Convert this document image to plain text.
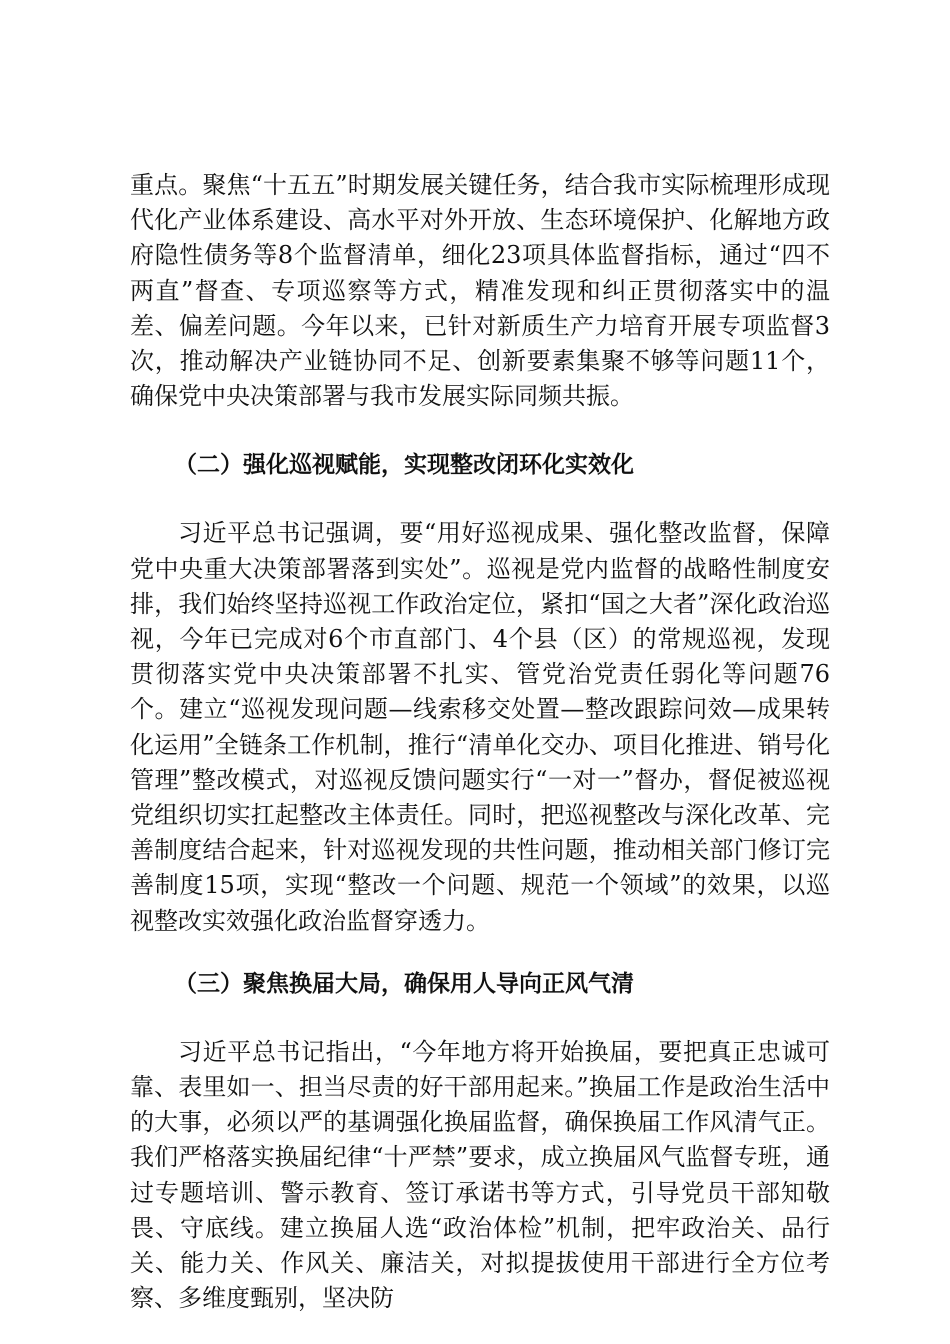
重点。聚焦“十五五”时期发展关键任务，结合我市实际梳理形成现代化产业体系建设、高水平对外开放、生态环境保护、化解地方政府隐性债务等8个监督清单，细化23项具体监督指标，通过“四不两直”督查、专项巡察等方式，精准发现和纠正贯彻落实中的温差、偏差问题。今年以来，已针对新质生产力培育开展专项监督3次，推动解决产业链协同不足、创新要素集聚不够等问题11个，确保党中央决策部署与我市发展实际同频共振。

（二）强化巡视赋能，实现整改闭环化实效化

习近平总书记强调，要“用好巡视成果、强化整改监督，保障党中央重大决策部署落到实处”。巡视是党内监督的战略性制度安排，我们始终坚持巡视工作政治定位，紧扣“国之大者”深化政治巡视，今年已完成对6个市直部门、4个县（区）的常规巡视，发现贯彻落实党中央决策部署不扎实、管党治党责任弱化等问题76个。建立“巡视发现问题—线索移交处置—整改跟踪问效—成果转化运用”全链条工作机制，推行“清单化交办、项目化推进、销号化管理”整改模式，对巡视反馈问题实行“一对一”督办，督促被巡视党组织切实扛起整改主体责任。同时，把巡视整改与深化改革、完善制度结合起来，针对巡视发现的共性问题，推动相关部门修订完善制度15项，实现“整改一个问题、规范一个领域”的效果，以巡视整改实效强化政治监督穿透力。

（三）聚焦换届大局，确保用人导向正风气清

习近平总书记指出，“今年地方将开始换届，要把真正忠诚可靠、表里如一、担当尽责的好干部用起来。”换届工作是政治生活中的大事，必须以严的基调强化换届监督，确保换届工作风清气正。我们严格落实换届纪律“十严禁”要求，成立换届风气监督专班，通过专题培训、警示教育、签订承诺书等方式，引导党员干部知敬畏、守底线。建立换届人选“政治体检”机制，把牢政治关、品行关、能力关、作风关、廉洁关，对拟提拔使用干部进行全方位考察、多维度甄别，坚决防
